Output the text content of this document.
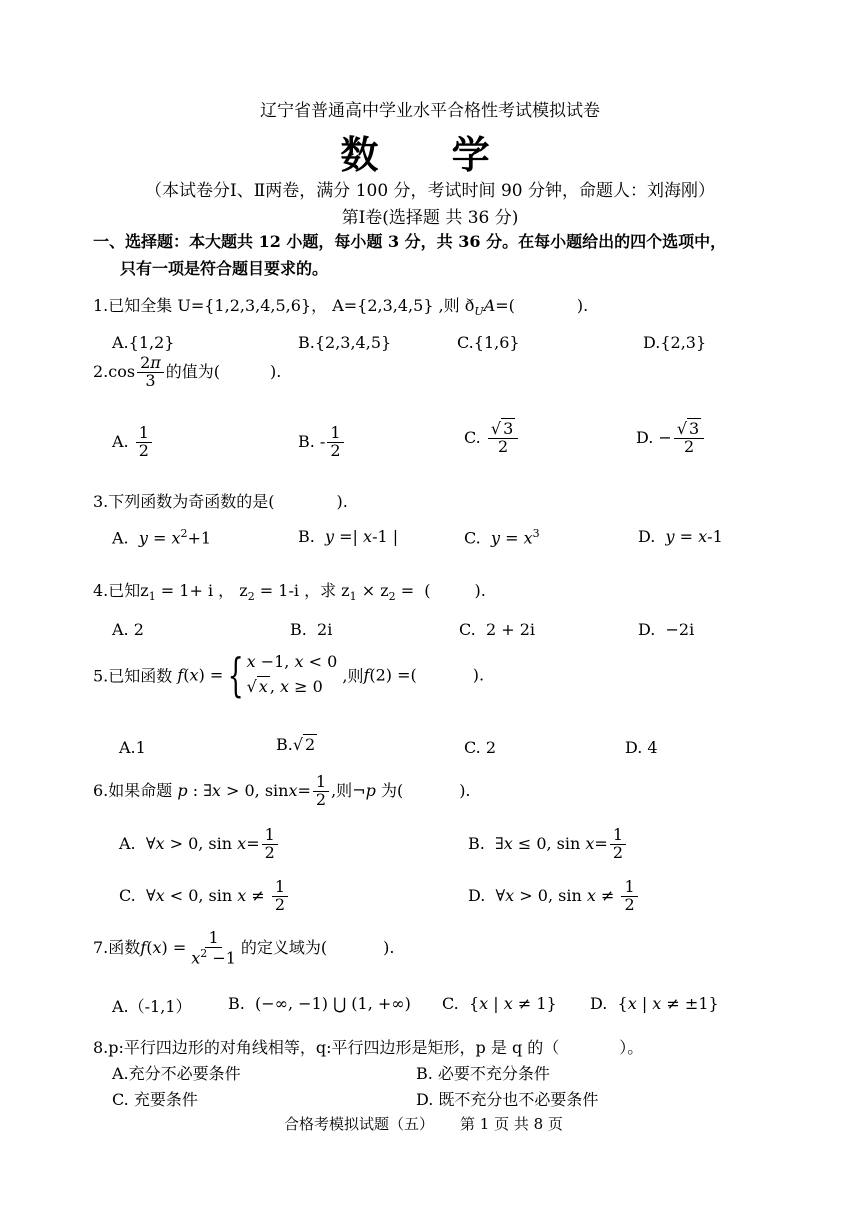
辽宁省普通高中学业水平合格性考试模拟试卷
数 学
（本试卷分Ⅰ、Ⅱ两卷，满分 100 分，考试时间 90 分钟，命题人：刘海刚）
第Ⅰ卷(选择题 共 36 分)
一、选择题：本大题共 12 小题，每小题 3 分，共 36 分。在每小题给出的四个选项中，
只有一项是符合题目要求的。
1.已知全集 U={1,2,3,4,5,6}， A={2,3,4,5} ,则 $ð_UA=$(	).
A.{1,2}	B.{2,3,4,5}	C.{1,6}	D.{2,3}
$2.\cos \frac{2\pi}{3}$ 的值为(	).
A. $\frac{1}{2}$	B. - $\frac{1}{2}$	C. $\frac{√ 3}{2}$	D. − $\frac{√ 3}{2}$
3.下列函数为奇函数的是(	).
A. $y = x^2+1$	B. y =| x-1 |	C. $y = x^3$	D. y = x-1
4.已知$z_1 = 1+ i$ ， $z_2 = 1-i$ ，求 $z_1 \times z_2$ =  (	).
A. 2	B.  2i	C.  2 + 2i	D.  −2i
5.已知函数 f(x) ={ x −1, x < 0
√ x , x ≥ 0
,则f(2) =(	).
A.1	B.√ 2	C. 2	D. 4
6.如果命题 p : ∃x > 0, $\sin x= \frac{1}{2}$ ,则¬p 为(	).
A.  ∀x > 0, $\sin x= \frac{1}{2}$	B.  ∃x ≤ 0, $\sin x= \frac{1}{2}$
C.  ∀x < 0, $\sin x \ne \frac{1}{2}$	D.  ∀x > 0, $\sin x \ne \frac{1}{2}$
7.函数$f(x) = \frac{1}{x^2 -1}$ 的定义域为(	).
A.（-1,1） B.  (−∞, −1) ⋃ (1, +∞) C.  {x | x ≠ 1} D.  {x | x ≠ ±1}
8.p:平行四边形的对角线相等，q:平行四边形是矩形，p 是 q 的（	）。
A.充分不必要条件	B. 必要不充分条件
C. 充要条件	D. 既不充分也不必要条件
合格考模拟试题（五） 第 1 页 共 8 页
